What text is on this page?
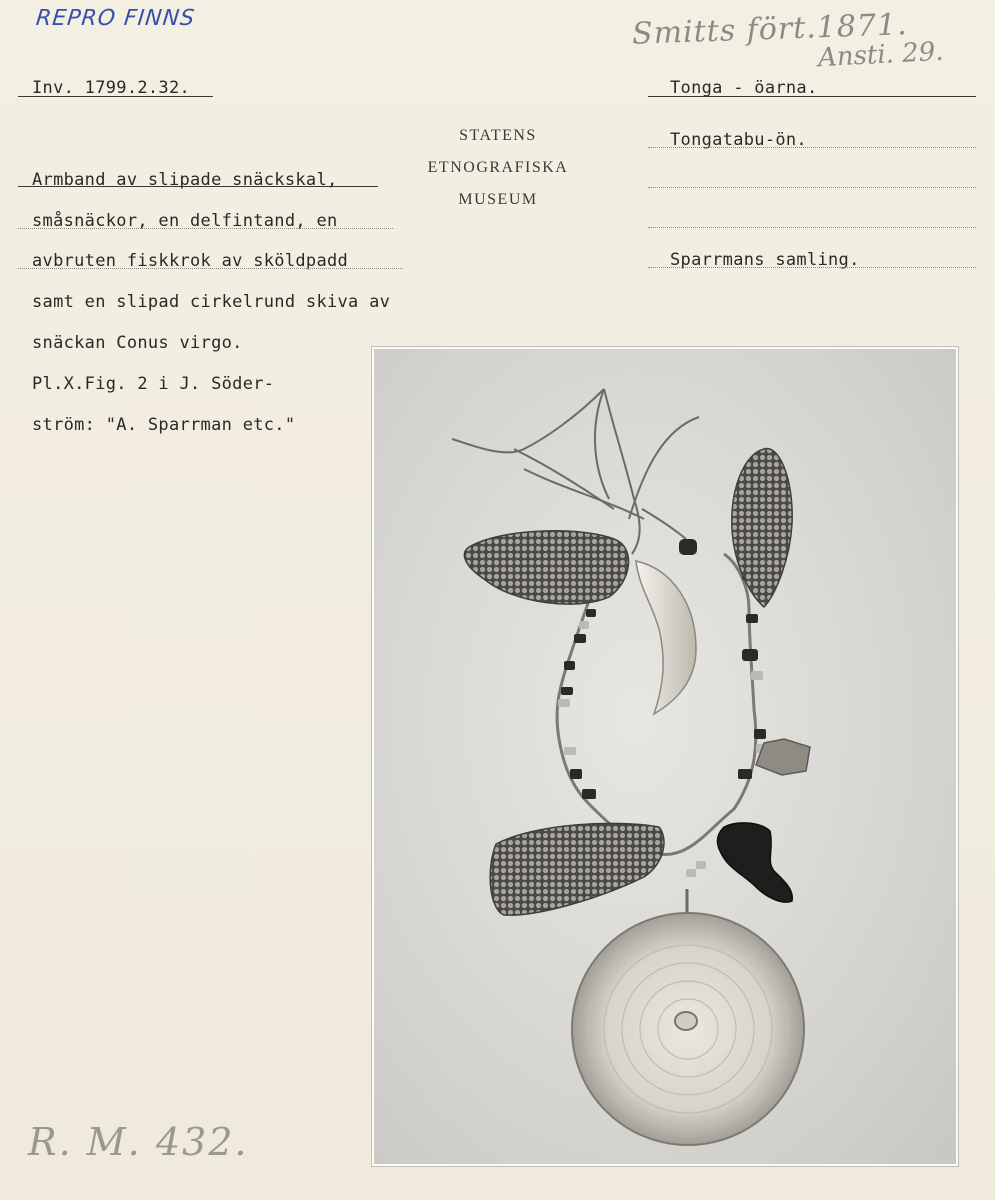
REPRO FINNS	Smitts fört.1871.
Ansti. 29.
Inv. 1799.2.32.
STATENS
ETNOGRAFISKA
MUSEUM
Tonga - öarna.
Tongatabu-ön.
Sparrmans samling.
Armband av slipade snäckskal,
småsnäckor, en delfintand, en
avbruten fiskkrok av sköldpadd
samt en slipad cirkelrund skiva av
snäckan Conus virgo.
Pl.X.Fig. 2 i J. Söder-
ström: "A. Sparrman etc."
R. M. 432.
